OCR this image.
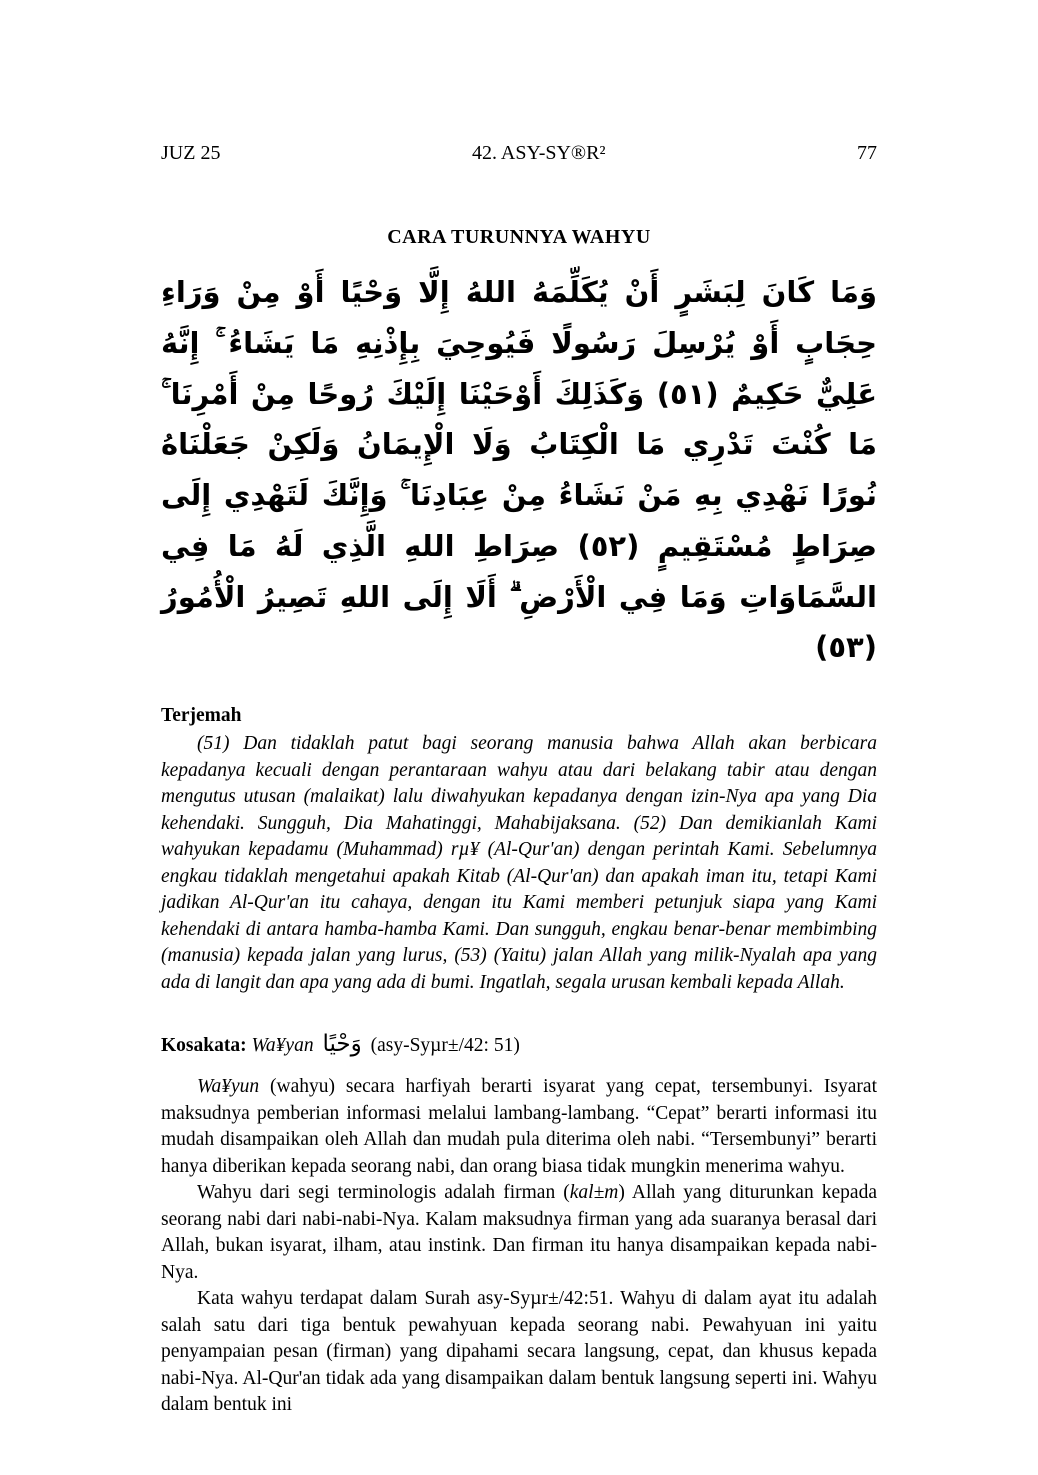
JUZ 25	42. ASY-SY®R²	77
CARA TURUNNYA WAHYU
وَمَا كَانَ لِبَشَرٍ أَنْ يُكَلِّمَهُ اللهُ إِلَّا وَحْيًا أَوْ مِنْ وَرَاءِ حِجَابٍ أَوْ يُرْسِلَ رَسُولًا فَيُوحِيَ بِإِذْنِهِ مَا يَشَاءُ ۚ إِنَّهُ عَلِيٌّ حَكِيمٌ (٥١) وَكَذَلِكَ أَوْحَيْنَا إِلَيْكَ رُوحًا مِنْ أَمْرِنَا ۚ مَا كُنْتَ تَدْرِي مَا الْكِتَابُ وَلَا الْإِيمَانُ وَلَكِنْ جَعَلْنَاهُ نُورًا نَهْدِي بِهِ مَنْ نَشَاءُ مِنْ عِبَادِنَا ۚ وَإِنَّكَ لَتَهْدِي إِلَى صِرَاطٍ مُسْتَقِيمٍ (٥٢) صِرَاطِ اللهِ الَّذِي لَهُ مَا فِي السَّمَاوَاتِ وَمَا فِي الْأَرْضِ ۗ أَلَا إِلَى اللهِ تَصِيرُ الْأُمُورُ (٥٣)
Terjemah

(51) Dan tidaklah patut bagi seorang manusia bahwa Allah akan berbicara kepadanya kecuali dengan perantaraan wahyu atau dari belakang tabir atau dengan mengutus utusan (malaikat) lalu diwahyukan kepadanya dengan izin-Nya apa yang Dia kehendaki. Sungguh, Dia Mahatinggi, Mahabijaksana. (52) Dan demikianlah Kami wahyukan kepadamu (Muhammad) rµ¥ (Al-Qur'an) dengan perintah Kami. Sebelumnya engkau tidaklah mengetahui apakah Kitab (Al-Qur'an) dan apakah iman itu, tetapi Kami jadikan Al-Qur'an itu cahaya, dengan itu Kami memberi petunjuk siapa yang Kami kehendaki di antara hamba-hamba Kami. Dan sungguh, engkau benar-benar membimbing (manusia) kepada jalan yang lurus, (53) (Yaitu) jalan Allah yang milik-Nyalah apa yang ada di langit dan apa yang ada di bumi. Ingatlah, segala urusan kembali kepada Allah.

Kosakata: Wa¥yan وَحْيًا (asy-Syµr±/42: 51)

Wa¥yun (wahyu) secara harfiyah berarti isyarat yang cepat, tersembunyi. Isyarat maksudnya pemberian informasi melalui lambang-lambang. “Cepat” berarti informasi itu mudah disampaikan oleh Allah dan mudah pula diterima oleh nabi. “Tersembunyi” berarti hanya diberikan kepada seorang nabi, dan orang biasa tidak mungkin menerima wahyu.

Wahyu dari segi terminologis adalah firman (kal±m) Allah yang diturunkan kepada seorang nabi dari nabi-nabi-Nya. Kalam maksudnya firman yang ada suaranya berasal dari Allah, bukan isyarat, ilham, atau instink. Dan firman itu hanya disampaikan kepada nabi-Nya.

Kata wahyu terdapat dalam Surah asy-Syµr±/42:51. Wahyu di dalam ayat itu adalah salah satu dari tiga bentuk pewahyuan kepada seorang nabi. Pewahyuan ini yaitu penyampaian pesan (firman) yang dipahami secara langsung, cepat, dan khusus kepada nabi-Nya. Al-Qur'an tidak ada yang disampaikan dalam bentuk langsung seperti ini. Wahyu dalam bentuk ini
